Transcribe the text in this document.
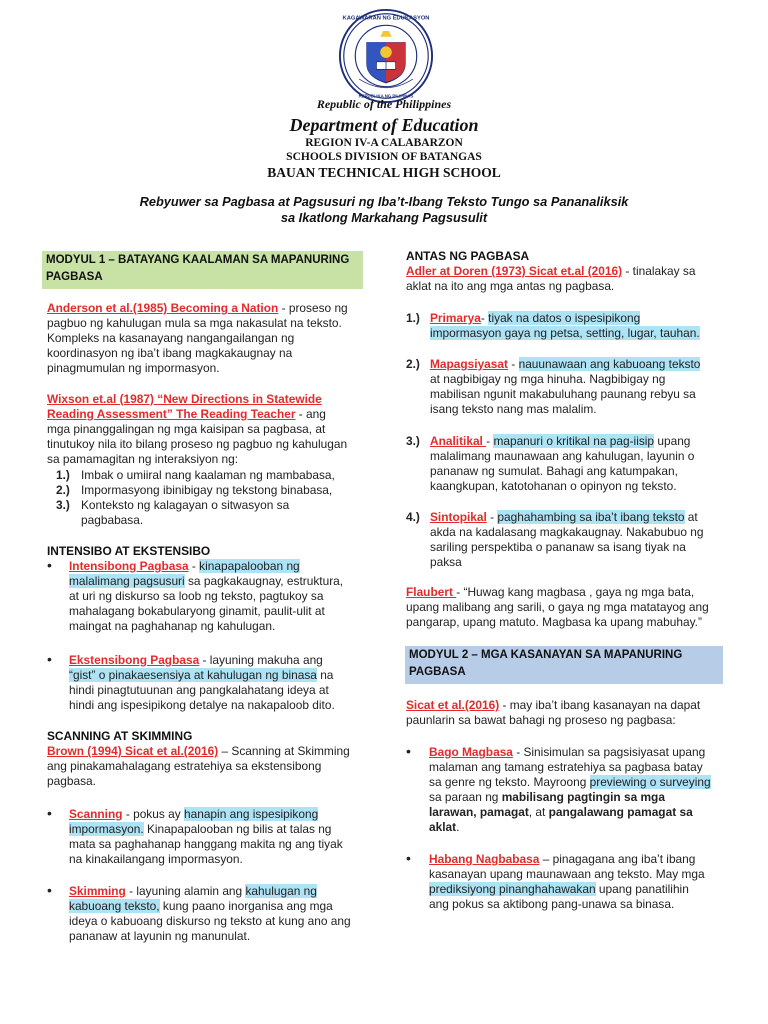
KAGAWARAN NG EDUKASYON
REPUBLIKA NG PILIPINAS
Republic of the Philippines
Department of Education
REGION IV-A CALABARZON
SCHOOLS DIVISION OF BATANGAS
BAUAN TECHNICAL HIGH SCHOOL
Rebyuwer sa Pagbasa at Pagsusuri ng Iba’t-Ibang Teksto Tungo sa Pananaliksik
sa Ikatlong Markahang Pagsusulit
MODYUL 1 – BATAYANG KAALAMAN SA MAPANURING
PAGBASA
Anderson et al.(1985) Becoming a Nation - proseso ng
pagbuo ng kahulugan mula sa mga nakasulat na teksto.
Kompleks na kasanayang nangangailangan ng
koordinasyon ng iba’t ibang magkakaugnay na
pinagmumulan ng impormasyon.
Wixson et.al (1987) “New Directions in Statewide
Reading Assessment” The Reading Teacher - ang
mga pinanggalingan ng mga kaisipan sa pagbasa, at
tinutukoy nila ito bilang proseso ng pagbuo ng kahulugan
sa pamamagitan ng interaksiyon ng:
1.) Imbak o umiiral nang kaalaman ng mambabasa,
2.) Impormasyong ibinibigay ng tekstong binabasa,
3.) Konteksto ng kalagayan o sitwasyon sa
pagbabasa.
INTENSIBO AT EKSTENSIBO
• Intensibong Pagbasa - kinapapalooban ng
malalimang pagsusuri sa pagkakaugnay, estruktura,
at uri ng diskurso sa loob ng teksto, pagtukoy sa
mahalagang bokabularyong ginamit, paulit-ulit at
maingat na paghahanap ng kahulugan.
• Ekstensibong Pagbasa - layuning makuha ang
“gist” o pinakaesensiya at kahulugan ng binasa na
hindi pinagtutuunan ang pangkalahatang ideya at
hindi ang ispesipikong detalye na nakapaloob dito.
SCANNING AT SKIMMING
Brown (1994) Sicat et al.(2016) – Scanning at Skimming
ang pinakamahalagang estratehiya sa ekstensibong
pagbasa.
• Scanning - pokus ay hanapin ang ispesipikong
impormasyon. Kinapapalooban ng bilis at talas ng
mata sa paghahanap hanggang makita ng ang tiyak
na kinakailangang impormasyon.
• Skimming - layuning alamin ang kahulugan ng
kabuoang teksto, kung paano inorganisa ang mga
ideya o kabuoang diskurso ng teksto at kung ano ang
pananaw at layunin ng manunulat.
ANTAS NG PAGBASA
Adler at Doren (1973) Sicat et.al (2016) - tinalakay sa
aklat na ito ang mga antas ng pagbasa.
1.) Primarya- tiyak na datos o ispesipikong
impormasyon gaya ng petsa, setting, lugar, tauhan.
2.) Mapagsiyasat - nauunawaan ang kabuoang teksto
at nagbibigay ng mga hinuha. Nagbibigay ng
mabilisan ngunit makabuluhang paunang rebyu sa
isang teksto nang mas malalim.
3.) Analitikal - mapanuri o kritikal na pag-iisip upang
malalimang maunawaan ang kahulugan, layunin o
pananaw ng sumulat. Bahagi ang katumpakan,
kaangkupan, katotohanan o opinyon ng teksto.
4.) Sintopikal - paghahambing sa iba’t ibang teksto at
akda na kadalasang magkakaugnay. Nakabubuo ng
sariling perspektiba o pananaw sa isang tiyak na
paksa
Flaubert - “Huwag kang magbasa , gaya ng mga bata,
upang malibang ang sarili, o gaya ng mga matatayog ang
pangarap, upang matuto. Magbasa ka upang mabuhay.”
MODYUL 2 – MGA KASANAYAN SA MAPANURING
PAGBASA
Sicat et al.(2016) - may iba’t ibang kasanayan na dapat
paunlarin sa bawat bahagi ng proseso ng pagbasa:
• Bago Magbasa - Sinisimulan sa pagsisiyasat upang
malaman ang tamang estratehiya sa pagbasa batay
sa genre ng teksto. Mayroong previewing o surveying
sa paraan ng mabilisang pagtingin sa mga
larawan, pamagat, at pangalawang pamagat sa
aklat.
• Habang Nagbabasa – pinagagana ang iba’t ibang
kasanayan upang maunawaan ang teksto. May mga
prediksiyong pinanghahawakan upang panatilihin
ang pokus sa aktibong pang-unawa sa binasa.
